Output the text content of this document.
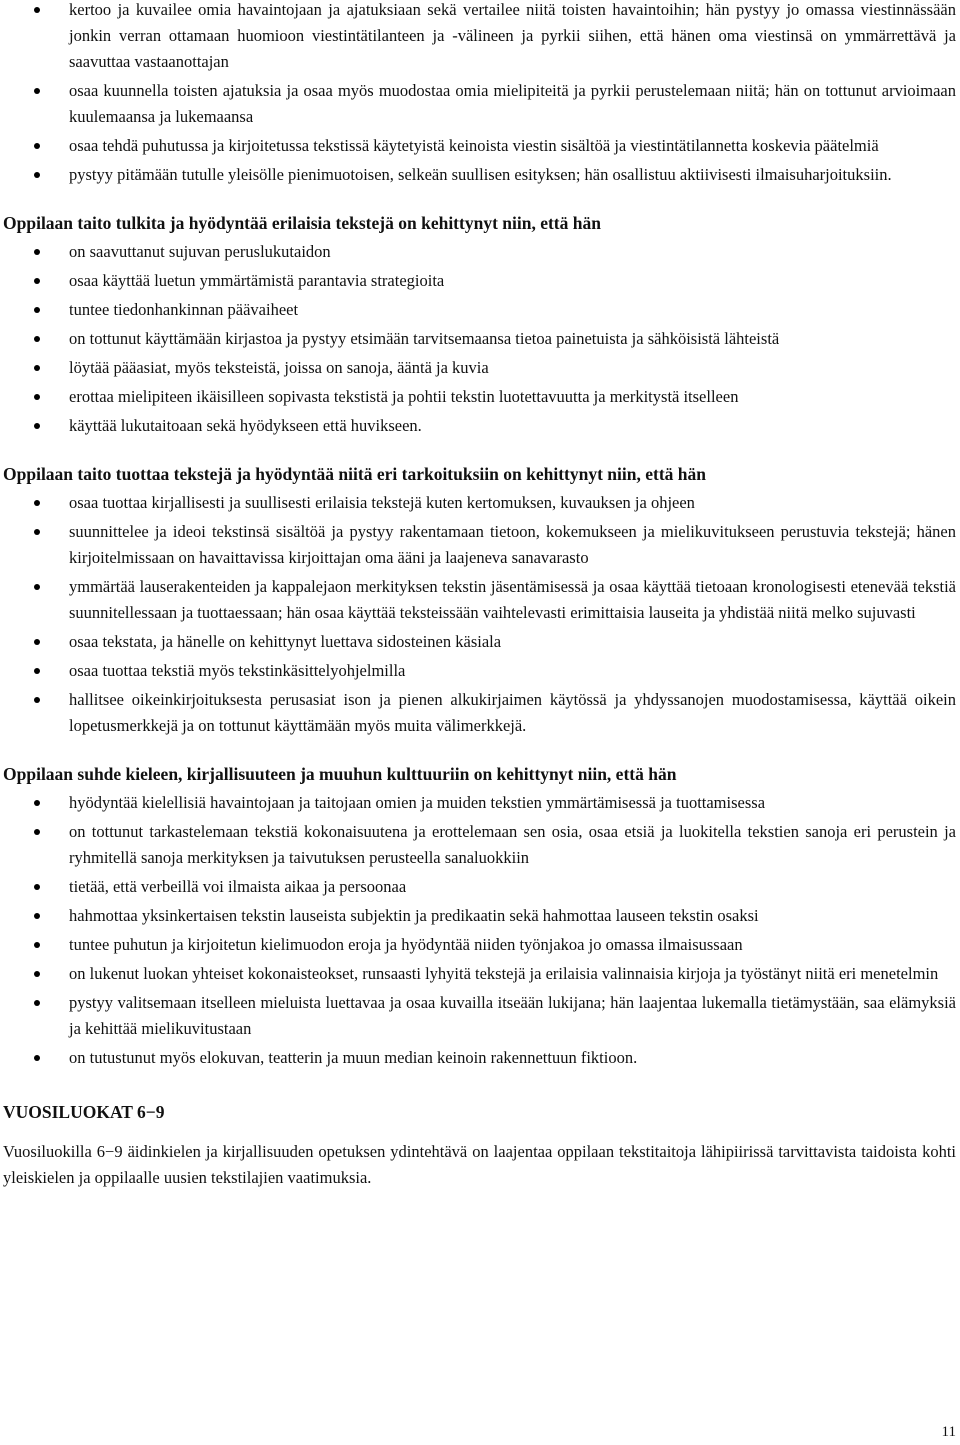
kertoo ja kuvailee omia havaintojaan ja ajatuksiaan sekä vertailee niitä toisten havaintoihin; hän pystyy jo omassa viestinnässään jonkin verran ottamaan huomioon viestintätilanteen ja -välineen ja pyrkii siihen, että hänen oma viestinsä on ymmärrettävä ja saavuttaa vastaanottajan
osaa kuunnella toisten ajatuksia ja osaa myös muodostaa omia mielipiteitä ja pyrkii perustelemaan niitä; hän on tottunut arvioimaan kuulemaansa ja lukemaansa
osaa tehdä puhutussa ja kirjoitetussa tekstissä käytetyistä keinoista viestin sisältöä ja viestintätilannetta koskevia päätelmiä
pystyy pitämään tutulle yleisölle pienimuotoisen, selkeän suullisen esityksen; hän osallistuu aktiivisesti ilmaisuharjoituksiin.
Oppilaan taito tulkita ja hyödyntää erilaisia tekstejä on kehittynyt niin, että hän
on saavuttanut sujuvan peruslukutaidon
osaa käyttää luetun ymmärtämistä parantavia strategioita
tuntee tiedonhankinnan päävaiheet
on tottunut käyttämään kirjastoa ja pystyy etsimään tarvitsemaansa tietoa painetuista ja sähköisistä lähteistä
löytää pääasiat, myös teksteistä, joissa on sanoja, ääntä ja kuvia
erottaa mielipiteen ikäisilleen sopivasta tekstistä ja pohtii tekstin luotettavuutta ja merkitystä itselleen
käyttää lukutaitoaan sekä hyödykseen että huvikseen.
Oppilaan taito tuottaa tekstejä ja hyödyntää niitä eri tarkoituksiin on kehittynyt niin, että hän
osaa tuottaa kirjallisesti ja suullisesti erilaisia tekstejä kuten kertomuksen, kuvauksen ja ohjeen
suunnittelee ja ideoi tekstinsä sisältöä ja pystyy rakentamaan tietoon, kokemukseen ja mielikuvitukseen perustuvia tekstejä; hänen kirjoitelmissaan on havaittavissa kirjoittajan oma ääni ja laajeneva sanavarasto
ymmärtää lauserakenteiden ja kappalejaon merkityksen tekstin jäsentämisessä ja osaa käyttää tietoaan kronologisesti etenevää tekstiä suunnitellessaan ja tuottaessaan; hän osaa käyttää teksteissään vaihtelevasti erimittaisia lauseita ja yhdistää niitä melko sujuvasti
osaa tekstata, ja hänelle on kehittynyt luettava sidosteinen käsiala
osaa tuottaa tekstiä myös tekstinkäsittelyohjelmilla
hallitsee oikeinkirjoituksesta perusasiat ison ja pienen alkukirjaimen käytössä ja yhdyssanojen muodostamisessa, käyttää oikein lopetusmerkkejä ja on tottunut käyttämään myös muita välimerkkejä.
Oppilaan suhde kieleen, kirjallisuuteen ja muuhun kulttuuriin on kehittynyt niin, että hän
hyödyntää kielellisiä havaintojaan ja taitojaan omien ja muiden tekstien ymmärtämisessä ja tuottamisessa
on tottunut tarkastelemaan tekstiä kokonaisuutena ja erottelemaan sen osia, osaa etsiä ja luokitella tekstien sanoja eri perustein ja ryhmitellä sanoja merkityksen ja taivutuksen perusteella sanaluokkiin
tietää, että verbeillä voi ilmaista aikaa ja persoonaa
hahmottaa yksinkertaisen tekstin lauseista subjektin ja predikaatin sekä hahmottaa lauseen tekstin osaksi
tuntee puhutun ja kirjoitetun kielimuodon eroja ja hyödyntää niiden työnjakoa jo omassa ilmaisussaan
on lukenut luokan yhteiset kokonaisteokset, runsaasti lyhyitä tekstejä ja erilaisia valinnaisia kirjoja ja työstänyt niitä eri menetelmin
pystyy valitsemaan itselleen mieluista luettavaa ja osaa kuvailla itseään lukijana; hän laajentaa lukemalla tietämystään, saa elämyksiä ja kehittää mielikuvitustaan
on tutustunut myös elokuvan, teatterin ja muun median keinoin rakennettuun fiktioon.
VUOSILUOKAT 6−9

Vuosiluokilla 6−9 äidinkielen ja kirjallisuuden opetuksen ydintehtävä on laajentaa oppilaan tekstitaitoja lähipiirissä tarvittavista taidoista kohti yleiskielen ja oppilaalle uusien tekstilajien vaatimuksia.

11
